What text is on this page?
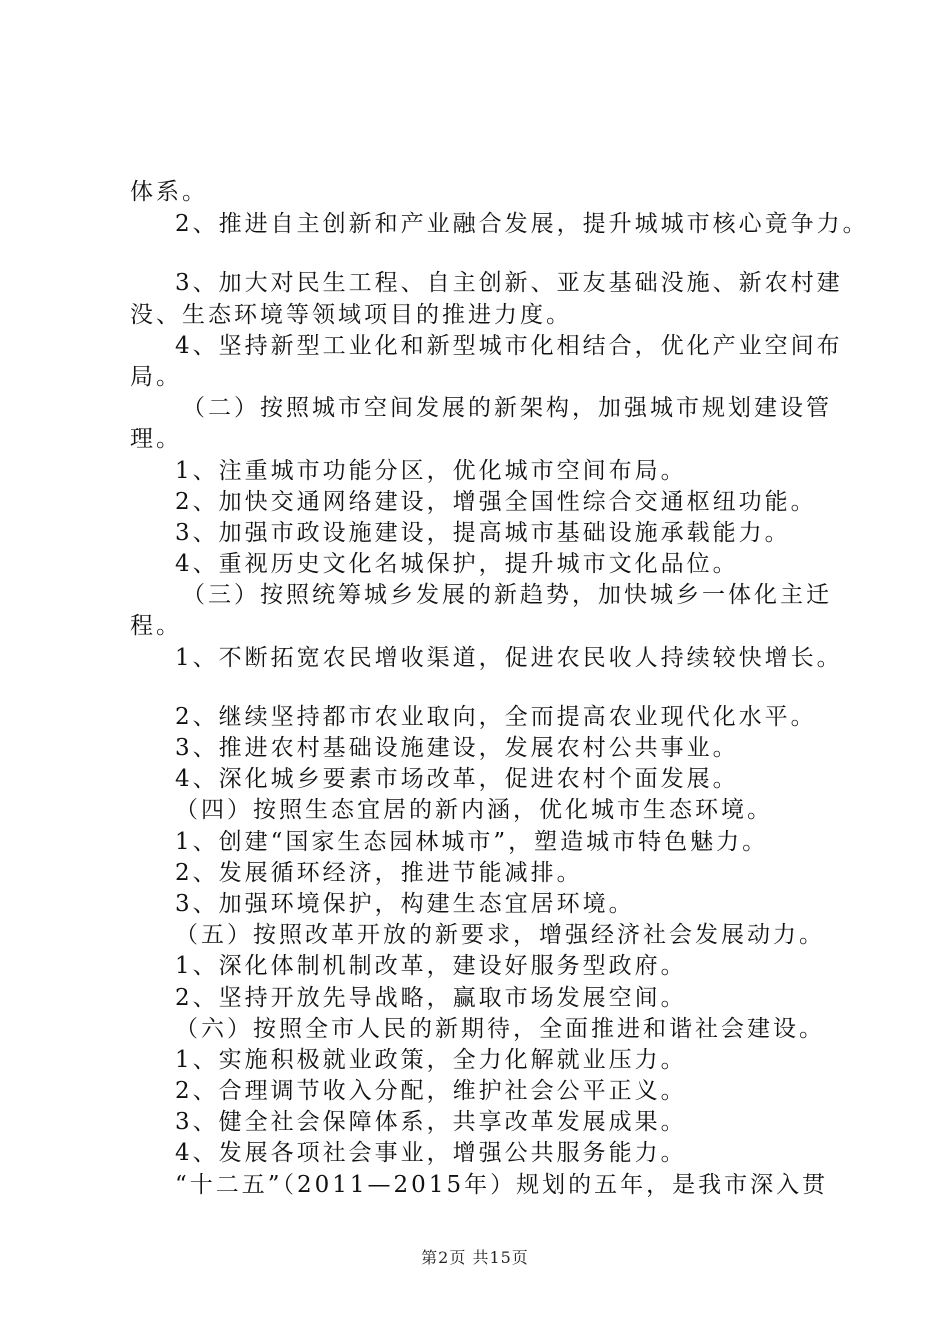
体系。
2、推进自主创新和产业融合发展，提升城城市核心竟争力。
3、加大对民生工程、自主创新、亚友基础没施、新农村建
没、生态环境等领域项目的推进力度。
4、坚持新型工业化和新型城市化相结合，优化产业空间布
局。
（二）按照城市空间发展的新架构，加强城市规划建设管
理。
1、注重城市功能分区，优化城市空间布局。
2、加快交通网络建设，增强全国性综合交通枢纽功能。
3、加强市政设施建设，提高城市基础设施承载能力。
4、重视历史文化名城保护，提升城市文化品位。
（三）按照统筹城乡发展的新趋势，加快城乡一体化主迁
程。
1、不断拓宽农民增收渠道，促进农民收人持续较快增长。
2、继续坚持都市农业取向，全而提高农业现代化水平。
3、推进农村基础设施建设，发展农村公共事业。
4、深化城乡要素市场改革，促进农村个面发展。
（四）按照生态宜居的新内涵，优化城市生态环境。
1、创建“国家生态园林城市”，塑造城市特色魅力。
2、发展循环经济，推进节能减排。
3、加强环境保护，构建生态宜居环境。
（五）按照改革开放的新要求，增强经济社会发展动力。
1、深化体制机制改革，建设好服务型政府。
2、坚持开放先导战略，赢取市场发展空间。
（六）按照全市人民的新期待，全面推进和谐社会建设。
1、实施积极就业政策，全力化解就业压力。
2、合理调节收入分配，维护社会公平正义。
3、健全社会保障体系，共享改革发展成果。
4、发展各项社会事业，增强公共服务能力。
“十二五”（2011—2015年）规划的五年，是我市深入贯
第2页 共15页
